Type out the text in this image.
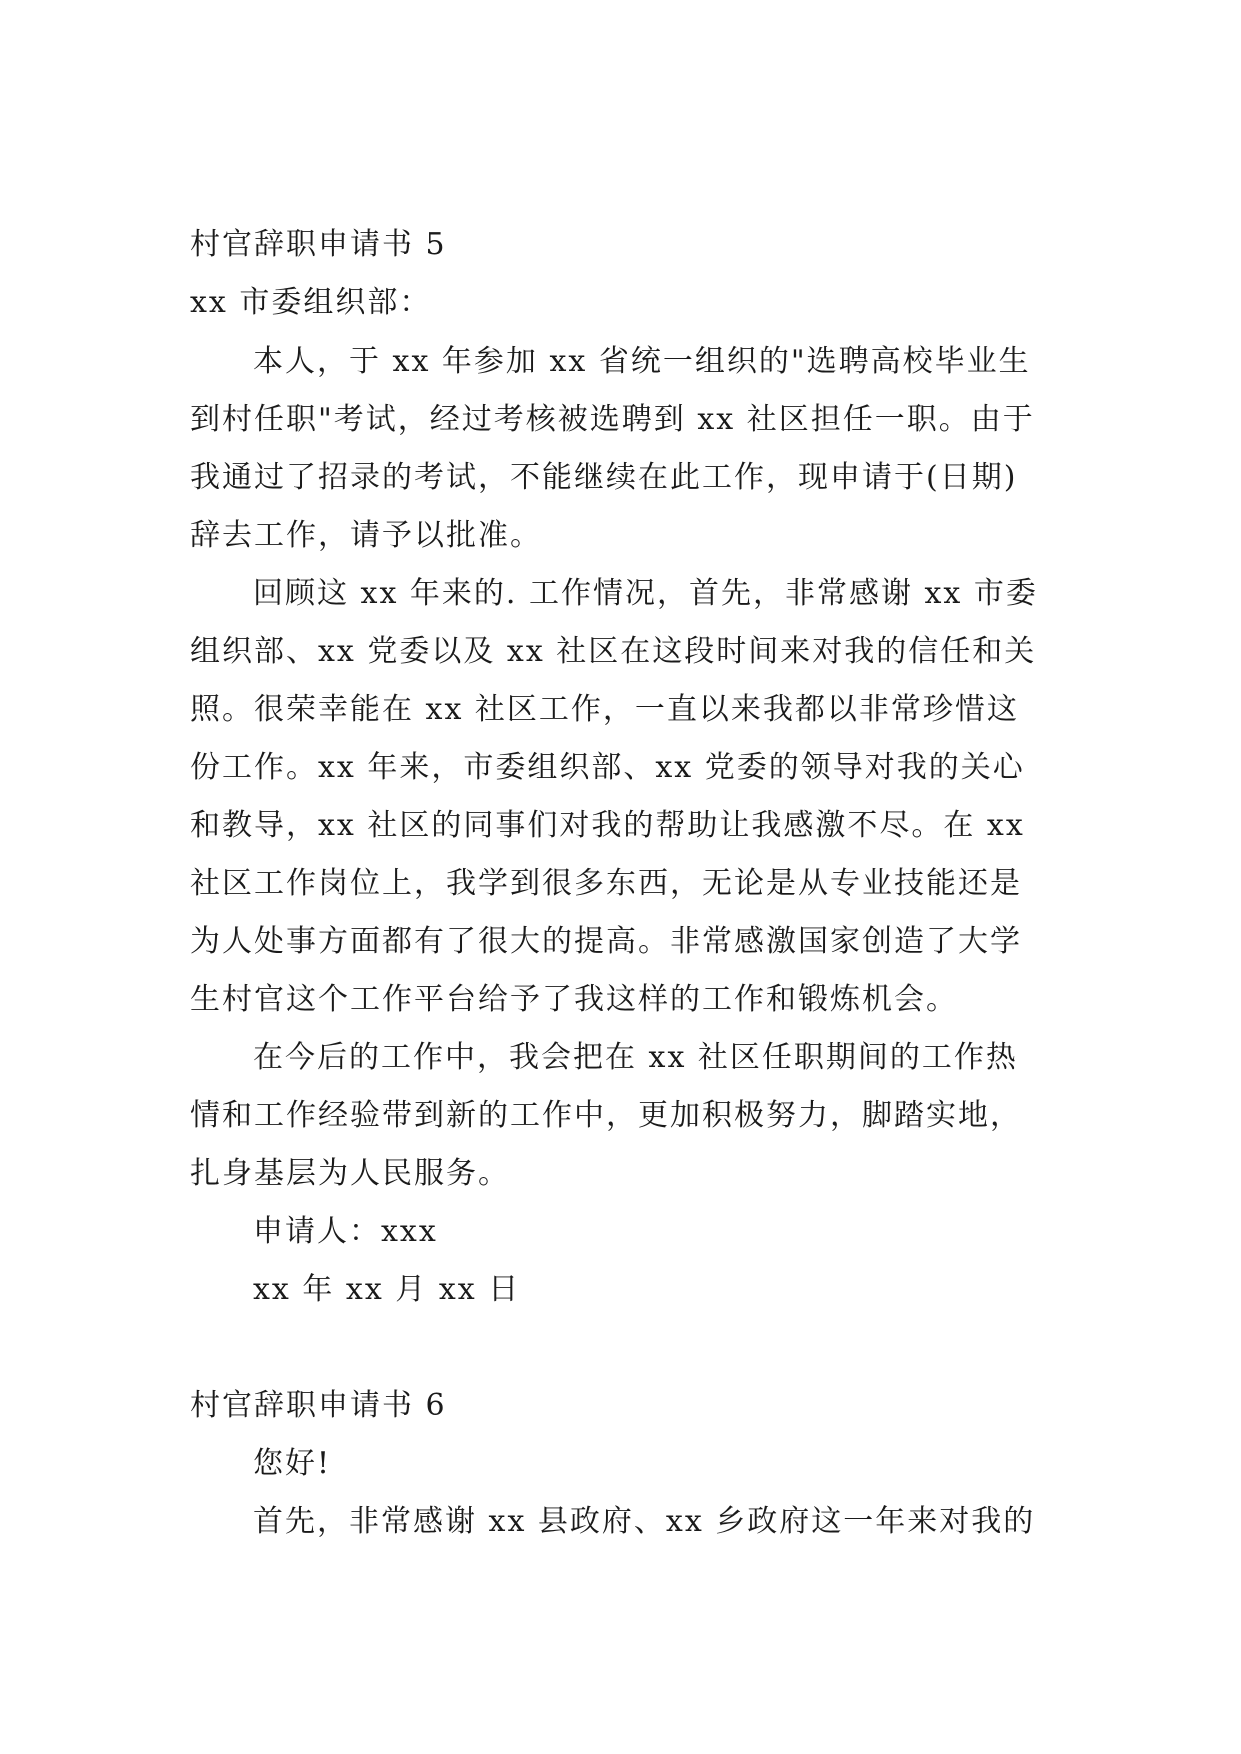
村官辞职申请书 5
xx 市委组织部：
本人，于 xx 年参加 xx 省统一组织的"选聘高校毕业生
到村任职"考试，经过考核被选聘到 xx 社区担任一职。由于
我通过了招录的考试，不能继续在此工作，现申请于(日期)
辞去工作，请予以批准。
回顾这 xx 年来的. 工作情况，首先，非常感谢 xx 市委
组织部、xx 党委以及 xx 社区在这段时间来对我的信任和关
照。很荣幸能在 xx 社区工作，一直以来我都以非常珍惜这
份工作。xx 年来，市委组织部、xx 党委的领导对我的关心
和教导，xx 社区的同事们对我的帮助让我感激不尽。在 xx
社区工作岗位上，我学到很多东西，无论是从专业技能还是
为人处事方面都有了很大的提高。非常感激国家创造了大学
生村官这个工作平台给予了我这样的工作和锻炼机会。
在今后的工作中，我会把在 xx 社区任职期间的工作热
情和工作经验带到新的工作中，更加积极努力，脚踏实地，
扎身基层为人民服务。
申请人：xxx
xx 年 xx 月 xx 日
村官辞职申请书 6
您好!
首先，非常感谢 xx 县政府、xx 乡政府这一年来对我的
